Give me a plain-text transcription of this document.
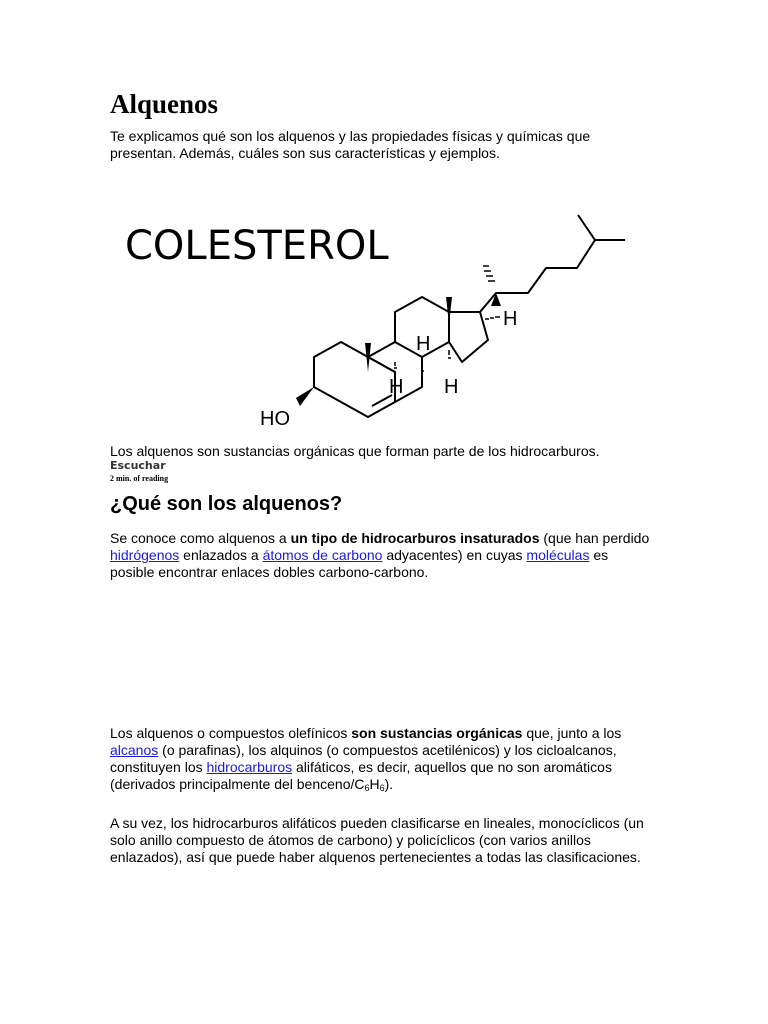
Alquenos

Te explicamos qué son los alquenos y las propiedades físicas y químicas que presentan. Además, cuáles son sus características y ejemplos.

COLESTEROL
HO
H
H H
H

Los alquenos son sustancias orgánicas que forman parte de los hidrocarburos.

Escuchar
2 min. of reading
¿Qué son los alquenos?

Se conoce como alquenos a un tipo de hidrocarburos insaturados (que han perdido hidrógenos enlazados a átomos de carbono adyacentes) en cuyas moléculas es posible encontrar enlaces dobles carbono-carbono.

Los alquenos o compuestos olefínicos son sustancias orgánicas que, junto a los alcanos (o parafinas), los alquinos (o compuestos acetilénicos) y los cicloalcanos, constituyen los hidrocarburos alifáticos, es decir, aquellos que no son aromáticos (derivados principalmente del benceno/$C_6H_6$).

A su vez, los hidrocarburos alifáticos pueden clasificarse en lineales, monocíclicos (un solo anillo compuesto de átomos de carbono) y policíclicos (con varios anillos enlazados), así que puede haber alquenos pertenecientes a todas las clasificaciones.
